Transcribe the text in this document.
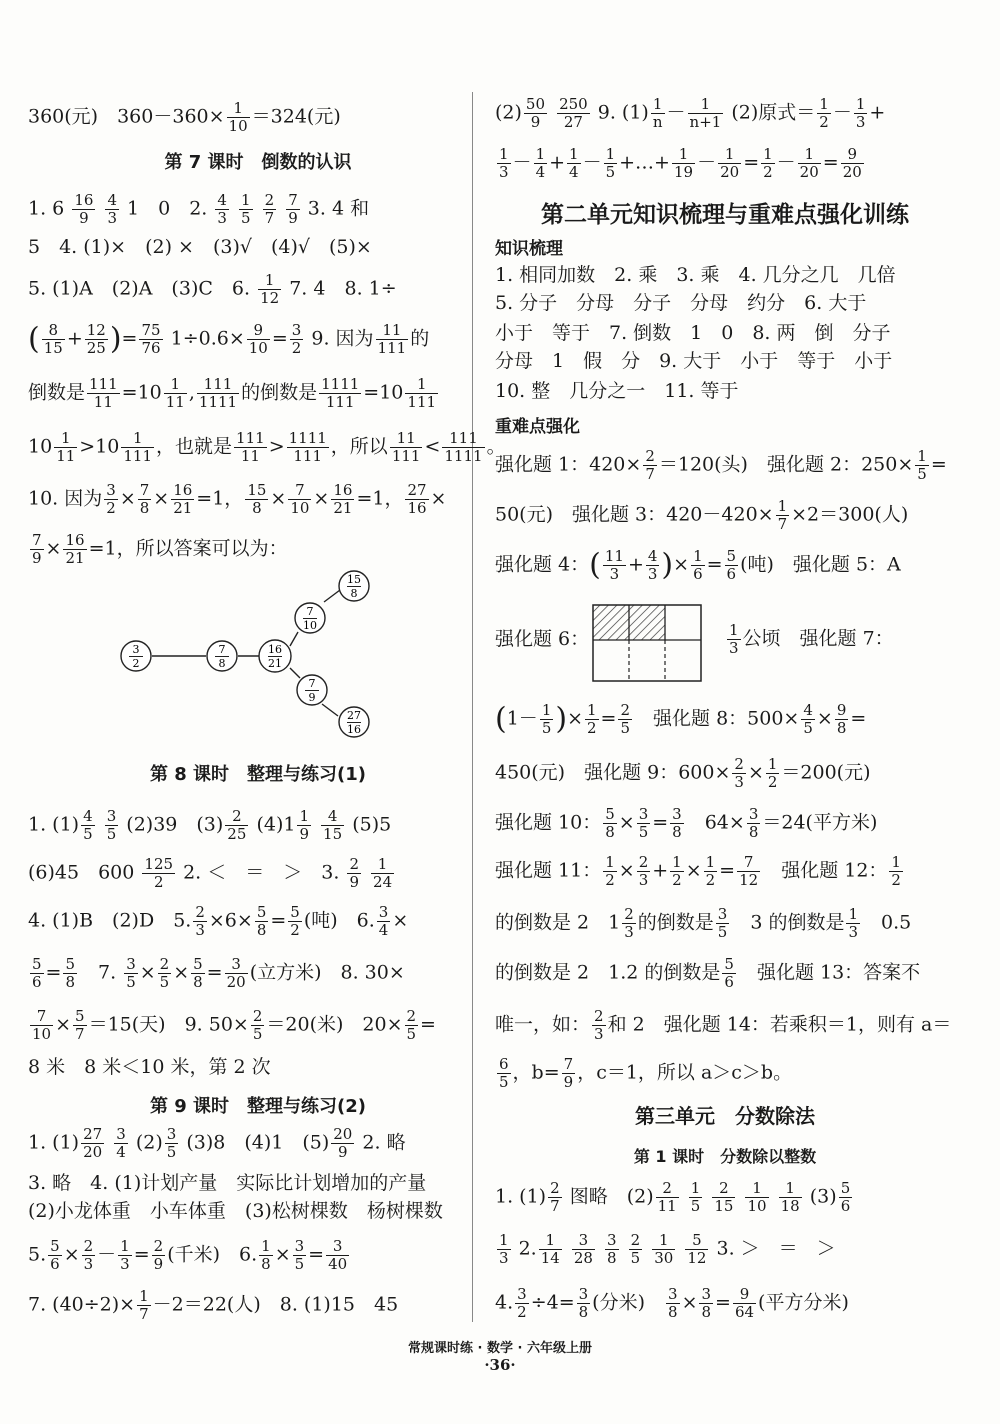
360(元)　$360-360\times \frac{1}{10} =324$(元)
第 7 课时　倒数的认识
1. $6 \frac{16}{9}$
$\frac{4}{3} 1$　0　2. $\frac{4}{3}$
$\frac{1}{5}$
$\frac{2}{7}$
$\frac{7}{9} 3$. 4 和
5　4. (1)×　(2) ×　(3)√　(4)√　(5)×
5. (1)A　(2)A　(3)C　6. $\frac{1}{12} 7$. 4　8. 1÷
( $\frac{8}{15} + \frac{12}{25}$ )= $\frac{75}{76} 1\div 0.6\times \frac{9}{10} = \frac{3}{2} 9$. 因为 $\frac{11}{111}$ 的
倒数是 $\frac{111}{11} =10 \frac{1}{11}$ , $\frac{111}{1111}$ 的倒数是 $\frac{1111}{111} =10 \frac{1}{111}$
$10 \frac{1}{11} >10 \frac{1}{111}$ ，也就是 $\frac{111}{11} > \frac{1111}{111}$ ，所以 $\frac{11}{111} < \frac{111}{1111}$ 。
10. 因为 $\frac{3}{2} \times \frac{7}{8} \times \frac{16}{21} =1$， $\frac{15}{8} \times \frac{7}{10} \times \frac{16}{21} =1$， $\frac{27}{16}$ ×
$\frac{7}{9} \times \frac{16}{21} =1$，所以答案可以为：
第 8 课时　整理与练习(1)
1. $(1) \frac{4}{5}$
$\frac{3}{5} (2)39$　$(3) \frac{2}{25} (4)1 \frac{1}{9}$
$\frac{4}{15} (5)5$
(6)45　$600 \frac{125}{2} 2$. ＜　＝　＞　3. $\frac{2}{9}$
$\frac{1}{24}$
4. (1)B　(2)D　5. $\frac{2}{3} \times 6\times \frac{5}{8} = \frac{5}{2}$ (吨)　6. $\frac{3}{4}$ ×
$\frac{5}{6} = \frac{5}{8}$ 　7. $\frac{3}{5} \times \frac{2}{5} \times \frac{5}{8} = \frac{3}{20}$ (立方米)　8. 30×
$\frac{7}{10} \times \frac{5}{7} =15$(天)　9. $50\times \frac{2}{5} =20$(米)　$20\times \frac{2}{5}$ =
8 米　8 米＜10 米，第 2 次
第 9 课时　整理与练习(2)
1. $(1) \frac{27}{20}$
$\frac{3}{4} (2) \frac{3}{5} (3)8$　(4)1　$(5) \frac{20}{9} 2$. 略
3. 略　4. (1)计划产量　实际比计划增加的产量
(2)小龙体重　小车体重　(3)松树棵数　杨树棵数
5. $\frac{5}{6} \times \frac{2}{3} - \frac{1}{3} = \frac{2}{9}$ (千米)　6. $\frac{1}{8} \times \frac{3}{5} = \frac{3}{40}$
7. $(40\div 2)\times \frac{1}{7} -2=22$(人)　8. (1)15　45
3
2
7
8
16
21
7
10
15
8
7
9
27
16
$(2) \frac{50}{9}$
$\frac{250}{27} 9$. $(1) \frac{1}{n} - \frac{1}{n+1} (2)$原式＝ $\frac{1}{2} - \frac{1}{3}$ +
$\frac{1}{3} - \frac{1}{4} + \frac{1}{4} - \frac{1}{5}$ +…+ $\frac{1}{19} - \frac{1}{20} = \frac{1}{2} - \frac{1}{20} = \frac{9}{20}$
第二单元知识梳理与重难点强化训练
知识梳理
1. 相同加数　2. 乘　3. 乘　4. 几分之几　几倍
5. 分子　分母　分子　分母　约分　6. 大于
小于　等于　7. 倒数　1　0　8. 两　倒　分子
分母　1　假　分　9. 大于　小于　等于　小于
10. 整　几分之一　11. 等于
重难点强化
强化题 1：$420\times \frac{2}{7} =120$(头)　强化题 2：$250\times \frac{1}{5}$ =
50(元)　强化题 3：$420-420\times \frac{1}{7} \times 2=300$(人)
强化题 4：( $\frac{11}{3} + \frac{4}{3}$ )× $\frac{1}{6} = \frac{5}{6}$ (吨)　强化题 5：A
强化题 6：	$\frac{1}{3}$ 公顷　强化题 7：
($1- \frac{1}{5}$ )× $\frac{1}{2} = \frac{2}{5}$
　 强化题 8：$500\times \frac{4}{5} \times \frac{9}{8}$ =
450(元)　强化题 9：$600\times \frac{2}{3} \times \frac{1}{2} =200$(元)
强化题 10： $\frac{5}{8} \times \frac{3}{5} = \frac{3}{8}$
　 $64\times \frac{3}{8} =24$(平方米)
强化题 11： $\frac{1}{2} \times \frac{2}{3} + \frac{1}{2} \times \frac{1}{2} = \frac{7}{12}$
　 强化题 12： $\frac{1}{2}$
的倒数是 2　$1 \frac{2}{3}$ 的倒数是 $\frac{3}{5}$
　 3 的倒数是 $\frac{1}{3}$
　 0.5
的倒数是 2　1.2 的倒数是 $\frac{5}{6}$
　 强化题 13：答案不
唯一，如： $\frac{2}{3}$ 和 2　强化题 14：若乘积＝1，则有 a＝
$\frac{6}{5}$ ，$b= \frac{7}{9}$ ，c＝1，所以 a＞c＞b。
第三单元　分数除法
第 1 课时　分数除以整数
1. $(1) \frac{2}{7}$ 图略　$(2) \frac{2}{11}$
$\frac{1}{5}$
$\frac{2}{15}$
$\frac{1}{10}$
$\frac{1}{18} (3) \frac{5}{6}$
$\frac{1}{3} 2$. $\frac{1}{14}$
$\frac{3}{28}$
$\frac{3}{8}$
$\frac{2}{5}$
$\frac{1}{30}$
$\frac{5}{12} 3$. ＞　＝　＞
4. $\frac{3}{2} \div 4= \frac{3}{8}$ (分米)　 $\frac{3}{8} \times \frac{3}{8} = \frac{9}{64}$ (平方分米)
常规课时练 · 数学 · 六年级上册
·36·
